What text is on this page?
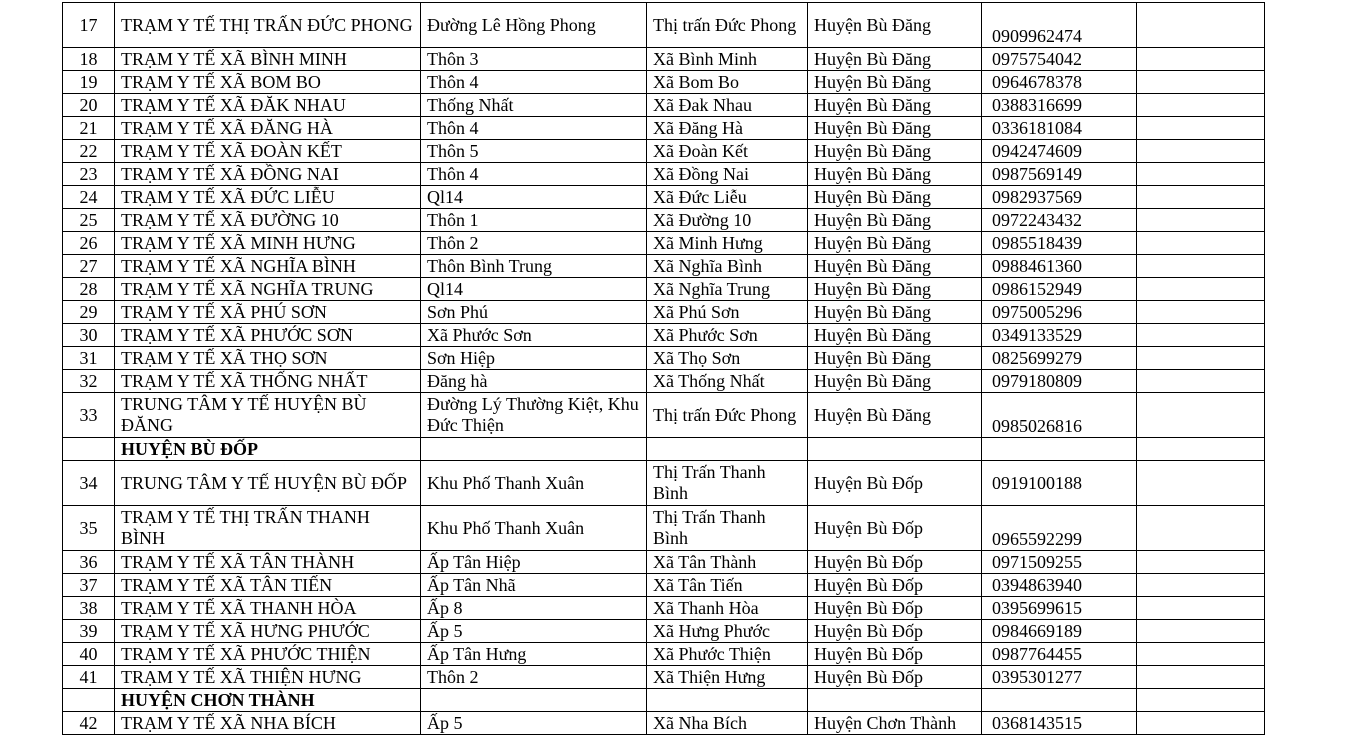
17	TRẠM Y TẾ THỊ TRẤN ĐỨC PHONG	Đường Lê Hồng Phong	Thị trấn Đức Phong	Huyện Bù Đăng	0909962474	
18	TRẠM Y TẾ XÃ BÌNH MINH	Thôn 3	Xã Bình Minh	Huyện Bù Đăng	0975754042	
19	TRẠM Y TẾ XÃ BOM BO	Thôn 4	Xã Bom Bo	Huyện Bù Đăng	0964678378	
20	TRẠM Y TẾ XÃ ĐĂK NHAU	Thống Nhất	Xã Đak Nhau	Huyện Bù Đăng	0388316699	
21	TRẠM Y TẾ XÃ ĐĂNG HÀ	Thôn 4	Xã Đăng Hà	Huyện Bù Đăng	0336181084	
22	TRẠM Y TẾ XÃ ĐOÀN KẾT	Thôn 5	Xã Đoàn Kết	Huyện Bù Đăng	0942474609	
23	TRẠM Y TẾ XÃ ĐỒNG NAI	Thôn 4	Xã Đồng Nai	Huyện Bù Đăng	0987569149	
24	TRẠM Y TẾ XÃ ĐỨC LIỄU	Ql14	Xã Đức Liễu	Huyện Bù Đăng	0982937569	
25	TRẠM Y TẾ XÃ ĐƯỜNG 10	Thôn 1	Xã Đường 10	Huyện Bù Đăng	0972243432	
26	TRẠM Y TẾ XÃ MINH HƯNG	Thôn 2	Xã Minh Hưng	Huyện Bù Đăng	0985518439	
27	TRẠM Y TẾ XÃ NGHĨA BÌNH	Thôn Bình Trung	Xã Nghĩa Bình	Huyện Bù Đăng	0988461360	
28	TRẠM Y TẾ XÃ NGHĨA TRUNG	Ql14	Xã Nghĩa Trung	Huyện Bù Đăng	0986152949	
29	TRẠM Y TẾ XÃ PHÚ SƠN	Sơn Phú	Xã Phú Sơn	Huyện Bù Đăng	0975005296	
30	TRẠM Y TẾ XÃ PHƯỚC SƠN	Xã Phước Sơn	Xã Phước Sơn	Huyện Bù Đăng	0349133529	
31	TRẠM Y TẾ XÃ THỌ SƠN	Sơn Hiệp	Xã Thọ Sơn	Huyện Bù Đăng	0825699279	
32	TRẠM Y TẾ XÃ THỐNG NHẤT	Đăng hà	Xã Thống Nhất	Huyện Bù Đăng	0979180809	
33	TRUNG TÂM Y TẾ HUYỆN BÙ ĐĂNG	Đường Lý Thường Kiệt, Khu Đức Thiện	Thị trấn Đức Phong	Huyện Bù Đăng	0985026816	
	HUYỆN BÙ ĐỐP					
34	TRUNG TÂM Y TẾ HUYỆN BÙ ĐỐP	Khu Phố Thanh Xuân	Thị Trấn Thanh Bình	Huyện Bù Đốp	0919100188	
35	TRẠM Y TẾ THỊ TRẤN THANH BÌNH	Khu Phố Thanh Xuân	Thị Trấn Thanh Bình	Huyện Bù Đốp	0965592299	
36	TRẠM Y TẾ XÃ TÂN THÀNH	Ấp Tân Hiệp	Xã Tân Thành	Huyện Bù Đốp	0971509255	
37	TRẠM Y TẾ XÃ TÂN TIẾN	Ấp Tân Nhã	Xã Tân Tiến	Huyện Bù Đốp	0394863940	
38	TRẠM Y TẾ XÃ THANH HÒA	Ấp 8	Xã Thanh Hòa	Huyện Bù Đốp	0395699615	
39	TRẠM Y TẾ XÃ HƯNG PHƯỚC	Ấp 5	Xã Hưng Phước	Huyện Bù Đốp	0984669189	
40	TRẠM Y TẾ XÃ PHƯỚC THIỆN	Ấp Tân Hưng	Xã Phước Thiện	Huyện Bù Đốp	0987764455	
41	TRẠM Y TẾ XÃ THIỆN HƯNG	Thôn 2	Xã Thiện Hưng	Huyện Bù Đốp	0395301277	
	HUYỆN CHƠN THÀNH					
42	TRẠM Y TẾ XÃ NHA BÍCH	Ấp 5	Xã Nha Bích	Huyện Chơn Thành	0368143515	
